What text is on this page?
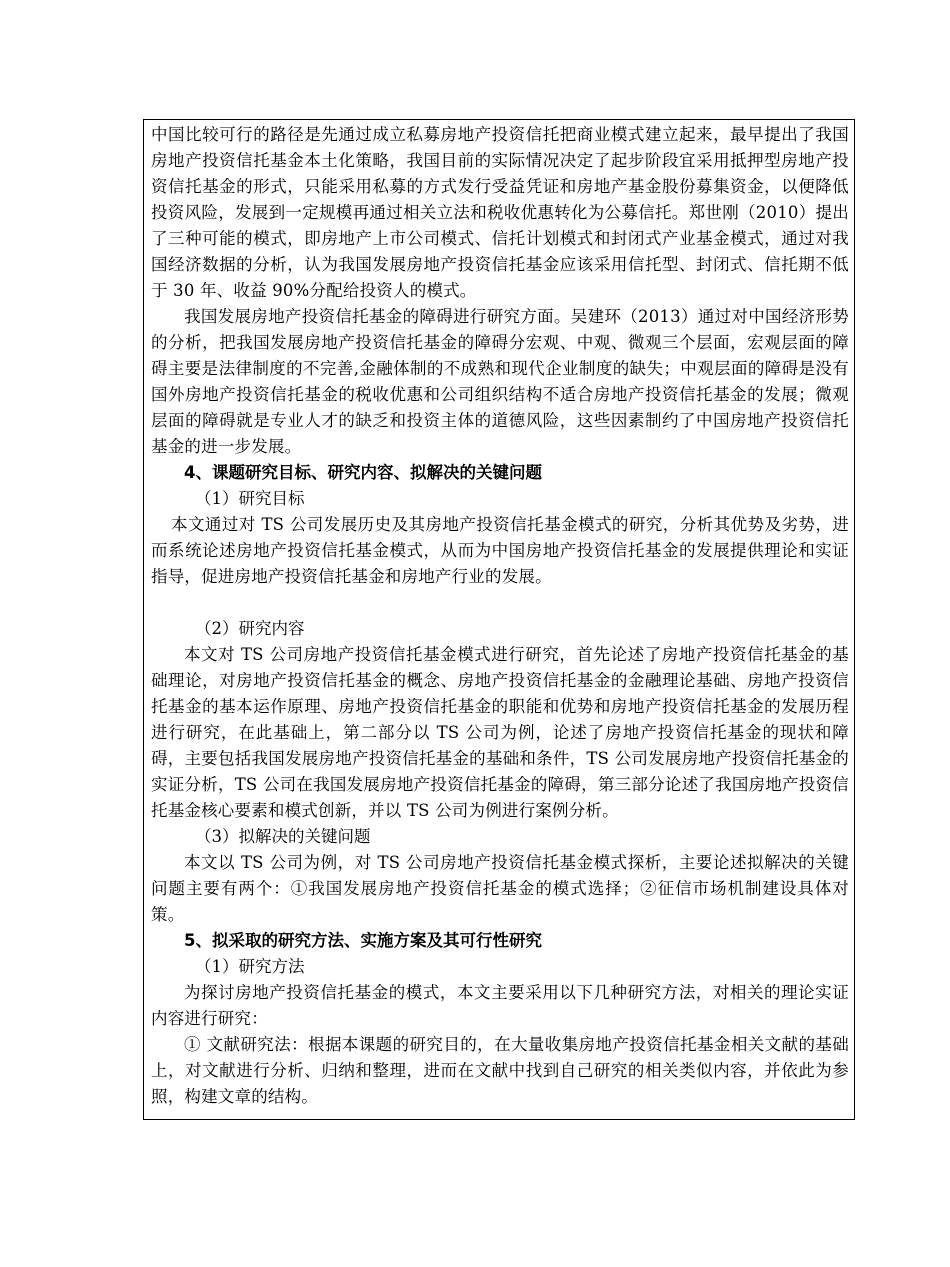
中国比较可行的路径是先通过成立私募房地产投资信托把商业模式建立起来，最早提出了我国房地产投资信托基金本土化策略，我国目前的实际情况决定了起步阶段宜采用抵押型房地产投资信托基金的形式，只能采用私募的方式发行受益凭证和房地产基金股份募集资金，以便降低投资风险，发展到一定规模再通过相关立法和税收优惠转化为公募信托。郑世刚（2010）提出了三种可能的模式，即房地产上市公司模式、信托计划模式和封闭式产业基金模式，通过对我国经济数据的分析，认为我国发展房地产投资信托基金应该采用信托型、封闭式、信托期不低于 30 年、收益 90%分配给投资人的模式。

我国发展房地产投资信托基金的障碍进行研究方面。吴建环（2013）通过对中国经济形势的分析，把我国发展房地产投资信托基金的障碍分宏观、中观、微观三个层面，宏观层面的障碍主要是法律制度的不完善,金融体制的不成熟和现代企业制度的缺失；中观层面的障碍是没有国外房地产投资信托基金的税收优惠和公司组织结构不适合房地产投资信托基金的发展；微观层面的障碍就是专业人才的缺乏和投资主体的道德风险，这些因素制约了中国房地产投资信托基金的进一步发展。

4、课题研究目标、研究内容、拟解决的关键问题

（1）研究目标

本文通过对 TS 公司发展历史及其房地产投资信托基金模式的研究，分析其优势及劣势，进而系统论述房地产投资信托基金模式，从而为中国房地产投资信托基金的发展提供理论和实证指导，促进房地产投资信托基金和房地产行业的发展。

（2）研究内容

本文对 TS 公司房地产投资信托基金模式进行研究，首先论述了房地产投资信托基金的基础理论，对房地产投资信托基金的概念、房地产投资信托基金的金融理论基础、房地产投资信托基金的基本运作原理、房地产投资信托基金的职能和优势和房地产投资信托基金的发展历程进行研究，在此基础上，第二部分以 TS 公司为例，论述了房地产投资信托基金的现状和障碍，主要包括我国发展房地产投资信托基金的基础和条件，TS 公司发展房地产投资信托基金的实证分析，TS 公司在我国发展房地产投资信托基金的障碍，第三部分论述了我国房地产投资信托基金核心要素和模式创新，并以 TS 公司为例进行案例分析。

（3）拟解决的关键问题

本文以 TS 公司为例，对 TS 公司房地产投资信托基金模式探析，主要论述拟解决的关键问题主要有两个：①我国发展房地产投资信托基金的模式选择；②征信市场机制建设具体对策。

5、拟采取的研究方法、实施方案及其可行性研究

（1）研究方法

为探讨房地产投资信托基金的模式，本文主要采用以下几种研究方法，对相关的理论实证内容进行研究：

① 文献研究法：根据本课题的研究目的，在大量收集房地产投资信托基金相关文献的基础上，对文献进行分析、归纳和整理，进而在文献中找到自己研究的相关类似内容，并依此为参照，构建文章的结构。
